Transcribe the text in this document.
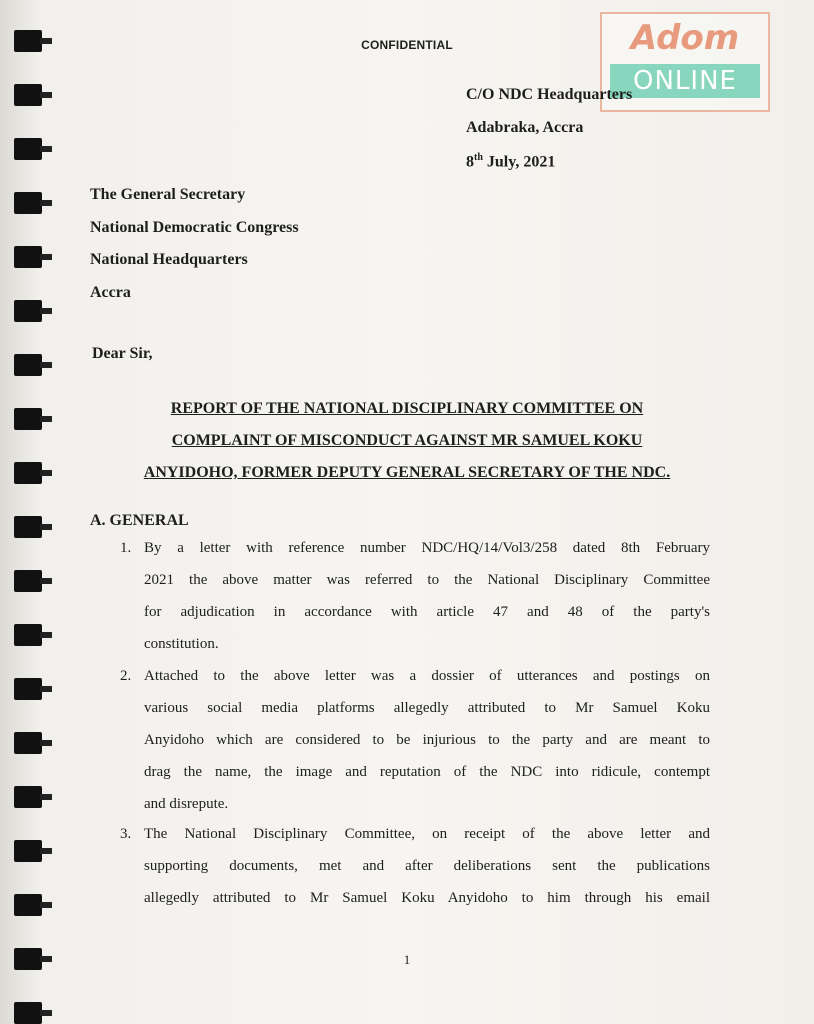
CONFIDENTIAL	Adom
ONLINE
C/O NDC Headquarters
Adabraka, Accra
8th July, 2021
The General Secretary
National Democratic Congress
National Headquarters
Accra
Dear Sir,
REPORT OF THE NATIONAL DISCIPLINARY COMMITTEE ON
COMPLAINT OF MISCONDUCT AGAINST MR SAMUEL KOKU
ANYIDOHO, FORMER DEPUTY GENERAL SECRETARY OF THE NDC.
A. GENERAL
1. By a letter with reference number NDC/HQ/14/Vol3/258 dated 8th February
2021 the above matter was referred to the National Disciplinary Committee
for adjudication in accordance with article 47 and 48 of the party's
constitution.
2. Attached to the above letter was a dossier of utterances and postings on
various social media platforms allegedly attributed to Mr Samuel Koku
Anyidoho which are considered to be injurious to the party and are meant to
drag the name, the image and reputation of the NDC into ridicule, contempt
and disrepute.
3. The National Disciplinary Committee, on receipt of the above letter and
supporting documents, met and after deliberations sent the publications
allegedly attributed to Mr Samuel Koku Anyidoho to him through his email
1
